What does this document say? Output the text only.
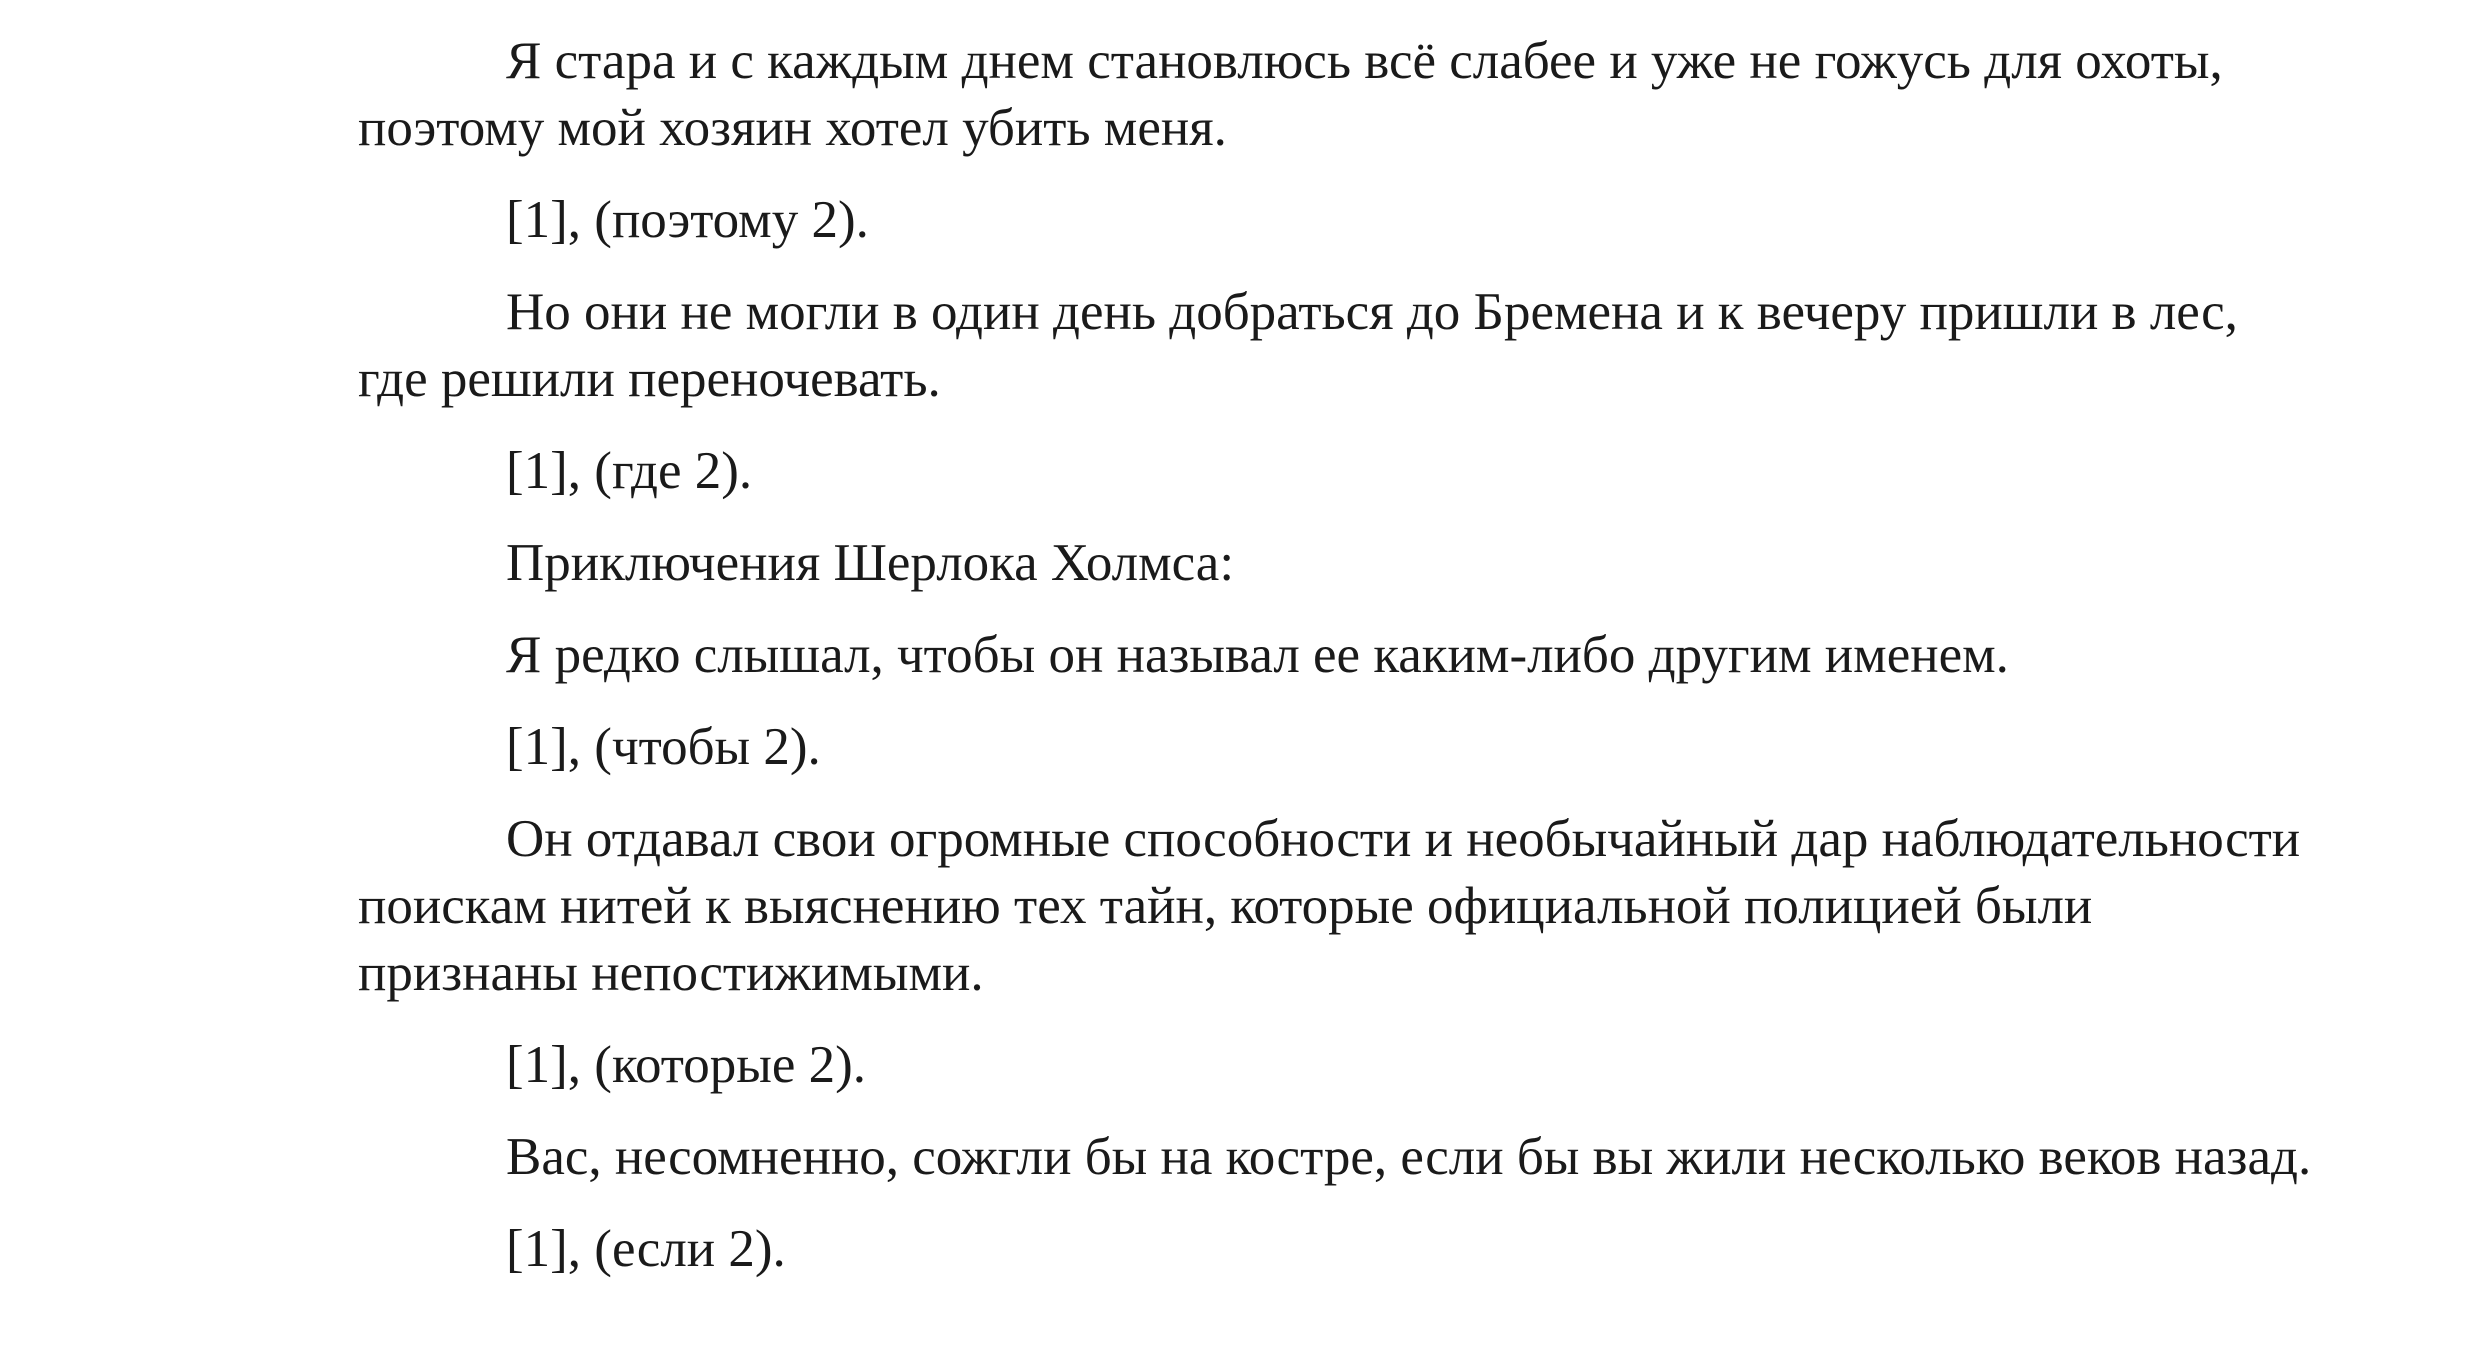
Я стара и с каждым днем становлюсь всё слабее и уже не гожусь для охоты, поэтому мой хозяин хотел убить меня.

[1], (поэтому 2).

Но они не могли в один день добраться до Бремена и к вечеру пришли в лес, где решили переночевать.

[1], (где 2).

Приключения Шерлока Холмса:

Я редко слышал, чтобы он называл ее каким-либо другим именем.

[1], (чтобы 2).

Он отдавал свои огромные способности и необычайный дар наблюдательности поискам нитей к выяснению тех тайн, которые официальной полицией были признаны непостижимыми.

[1], (которые 2).

Вас, несомненно, сожгли бы на костре, если бы вы жили несколько веков назад.

[1], (если 2).
